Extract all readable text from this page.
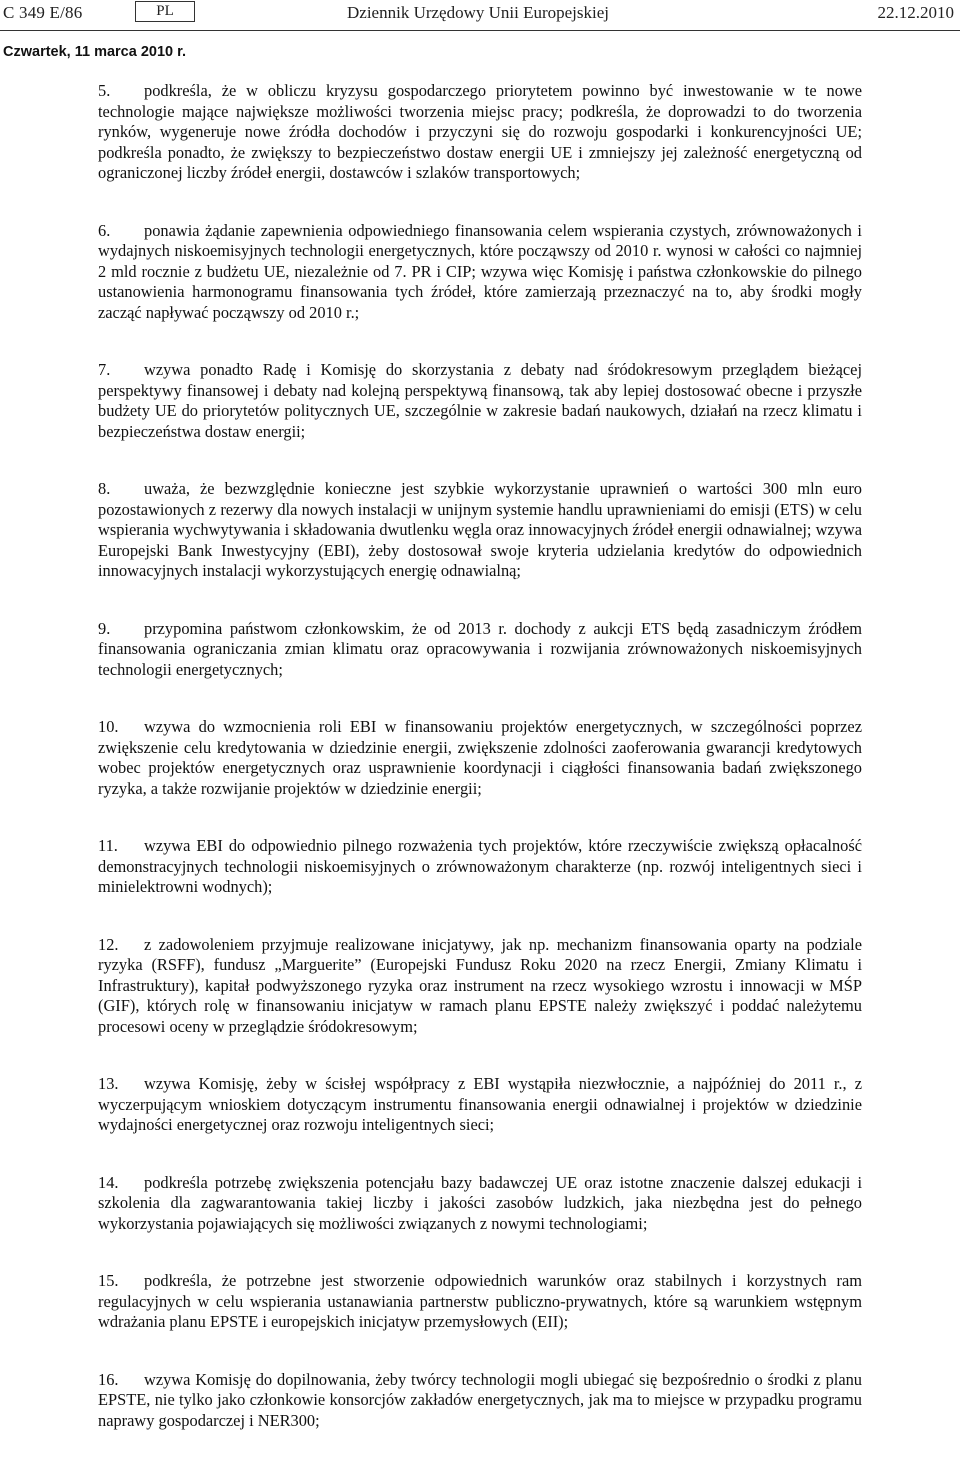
C 349 E/86	PL	Dziennik Urzędowy Unii Europejskiej	22.12.2010
Czwartek, 11 marca 2010 r.

5. podkreśla, że w obliczu kryzysu gospodarczego priorytetem powinno być inwestowanie w te nowe technologie mające największe możliwości tworzenia miejsc pracy; podkreśla, że doprowadzi to do tworzenia rynków, wygeneruje nowe źródła dochodów i przyczyni się do rozwoju gospodarki i konkurencyjności UE; podkreśla ponadto, że zwiększy to bezpieczeństwo dostaw energii UE i zmniejszy jej zależność energetyczną od ograniczonej liczby źródeł energii, dostawców i szlaków transportowych;

6. ponawia żądanie zapewnienia odpowiedniego finansowania celem wspierania czystych, zrównoważonych i wydajnych niskoemisyjnych technologii energetycznych, które począwszy od 2010 r. wynosi w całości co najmniej 2 mld rocznie z budżetu UE, niezależnie od 7. PR i CIP; wzywa więc Komisję i państwa członkowskie do pilnego ustanowienia harmonogramu finansowania tych źródeł, które zamierzają przeznaczyć na to, aby środki mogły zacząć napływać począwszy od 2010 r.;

7. wzywa ponadto Radę i Komisję do skorzystania z debaty nad śródokresowym przeglądem bieżącej perspektywy finansowej i debaty nad kolejną perspektywą finansową, tak aby lepiej dostosować obecne i przyszłe budżety UE do priorytetów politycznych UE, szczególnie w zakresie badań naukowych, działań na rzecz klimatu i bezpieczeństwa dostaw energii;

8. uważa, że bezwzględnie konieczne jest szybkie wykorzystanie uprawnień o wartości 300 mln euro pozostawionych z rezerwy dla nowych instalacji w unijnym systemie handlu uprawnieniami do emisji (ETS) w celu wspierania wychwytywania i składowania dwutlenku węgla oraz innowacyjnych źródeł energii odnawialnej; wzywa Europejski Bank Inwestycyjny (EBI), żeby dostosował swoje kryteria udzielania kredytów do odpowiednich innowacyjnych instalacji wykorzystujących energię odnawialną;

9. przypomina państwom członkowskim, że od 2013 r. dochody z aukcji ETS będą zasadniczym źródłem finansowania ograniczania zmian klimatu oraz opracowywania i rozwijania zrównoważonych niskoemisyjnych technologii energetycznych;

10. wzywa do wzmocnienia roli EBI w finansowaniu projektów energetycznych, w szczególności poprzez zwiększenie celu kredytowania w dziedzinie energii, zwiększenie zdolności zaoferowania gwarancji kredytowych wobec projektów energetycznych oraz usprawnienie koordynacji i ciągłości finansowania badań zwiększonego ryzyka, a także rozwijanie projektów w dziedzinie energii;

11. wzywa EBI do odpowiednio pilnego rozważenia tych projektów, które rzeczywiście zwiększą opłacalność demonstracyjnych technologii niskoemisyjnych o zrównoważonym charakterze (np. rozwój inteligentnych sieci i minielektrowni wodnych);

12. z zadowoleniem przyjmuje realizowane inicjatywy, jak np. mechanizm finansowania oparty na podziale ryzyka (RSFF), fundusz „Marguerite” (Europejski Fundusz Roku 2020 na rzecz Energii, Zmiany Klimatu i Infrastruktury), kapitał podwyższonego ryzyka oraz instrument na rzecz wysokiego wzrostu i innowacji w MŚP (GIF), których rolę w finansowaniu inicjatyw w ramach planu EPSTE należy zwiększyć i poddać należytemu procesowi oceny w przeglądzie śródokresowym;

13. wzywa Komisję, żeby w ścisłej współpracy z EBI wystąpiła niezwłocznie, a najpóźniej do 2011 r., z wyczerpującym wnioskiem dotyczącym instrumentu finansowania energii odnawialnej i projektów w dziedzinie wydajności energetycznej oraz rozwoju inteligentnych sieci;

14. podkreśla potrzebę zwiększenia potencjału bazy badawczej UE oraz istotne znaczenie dalszej edukacji i szkolenia dla zagwarantowania takiej liczby i jakości zasobów ludzkich, jaka niezbędna jest do pełnego wykorzystania pojawiających się możliwości związanych z nowymi technologiami;

15. podkreśla, że potrzebne jest stworzenie odpowiednich warunków oraz stabilnych i korzystnych ram regulacyjnych w celu wspierania ustanawiania partnerstw publiczno-prywatnych, które są warunkiem wstępnym wdrażania planu EPSTE i europejskich inicjatyw przemysłowych (EII);

16. wzywa Komisję do dopilnowania, żeby twórcy technologii mogli ubiegać się bezpośrednio o środki z planu EPSTE, nie tylko jako członkowie konsorcjów zakładów energetycznych, jak ma to miejsce w przypadku programu naprawy gospodarczej i NER300;
